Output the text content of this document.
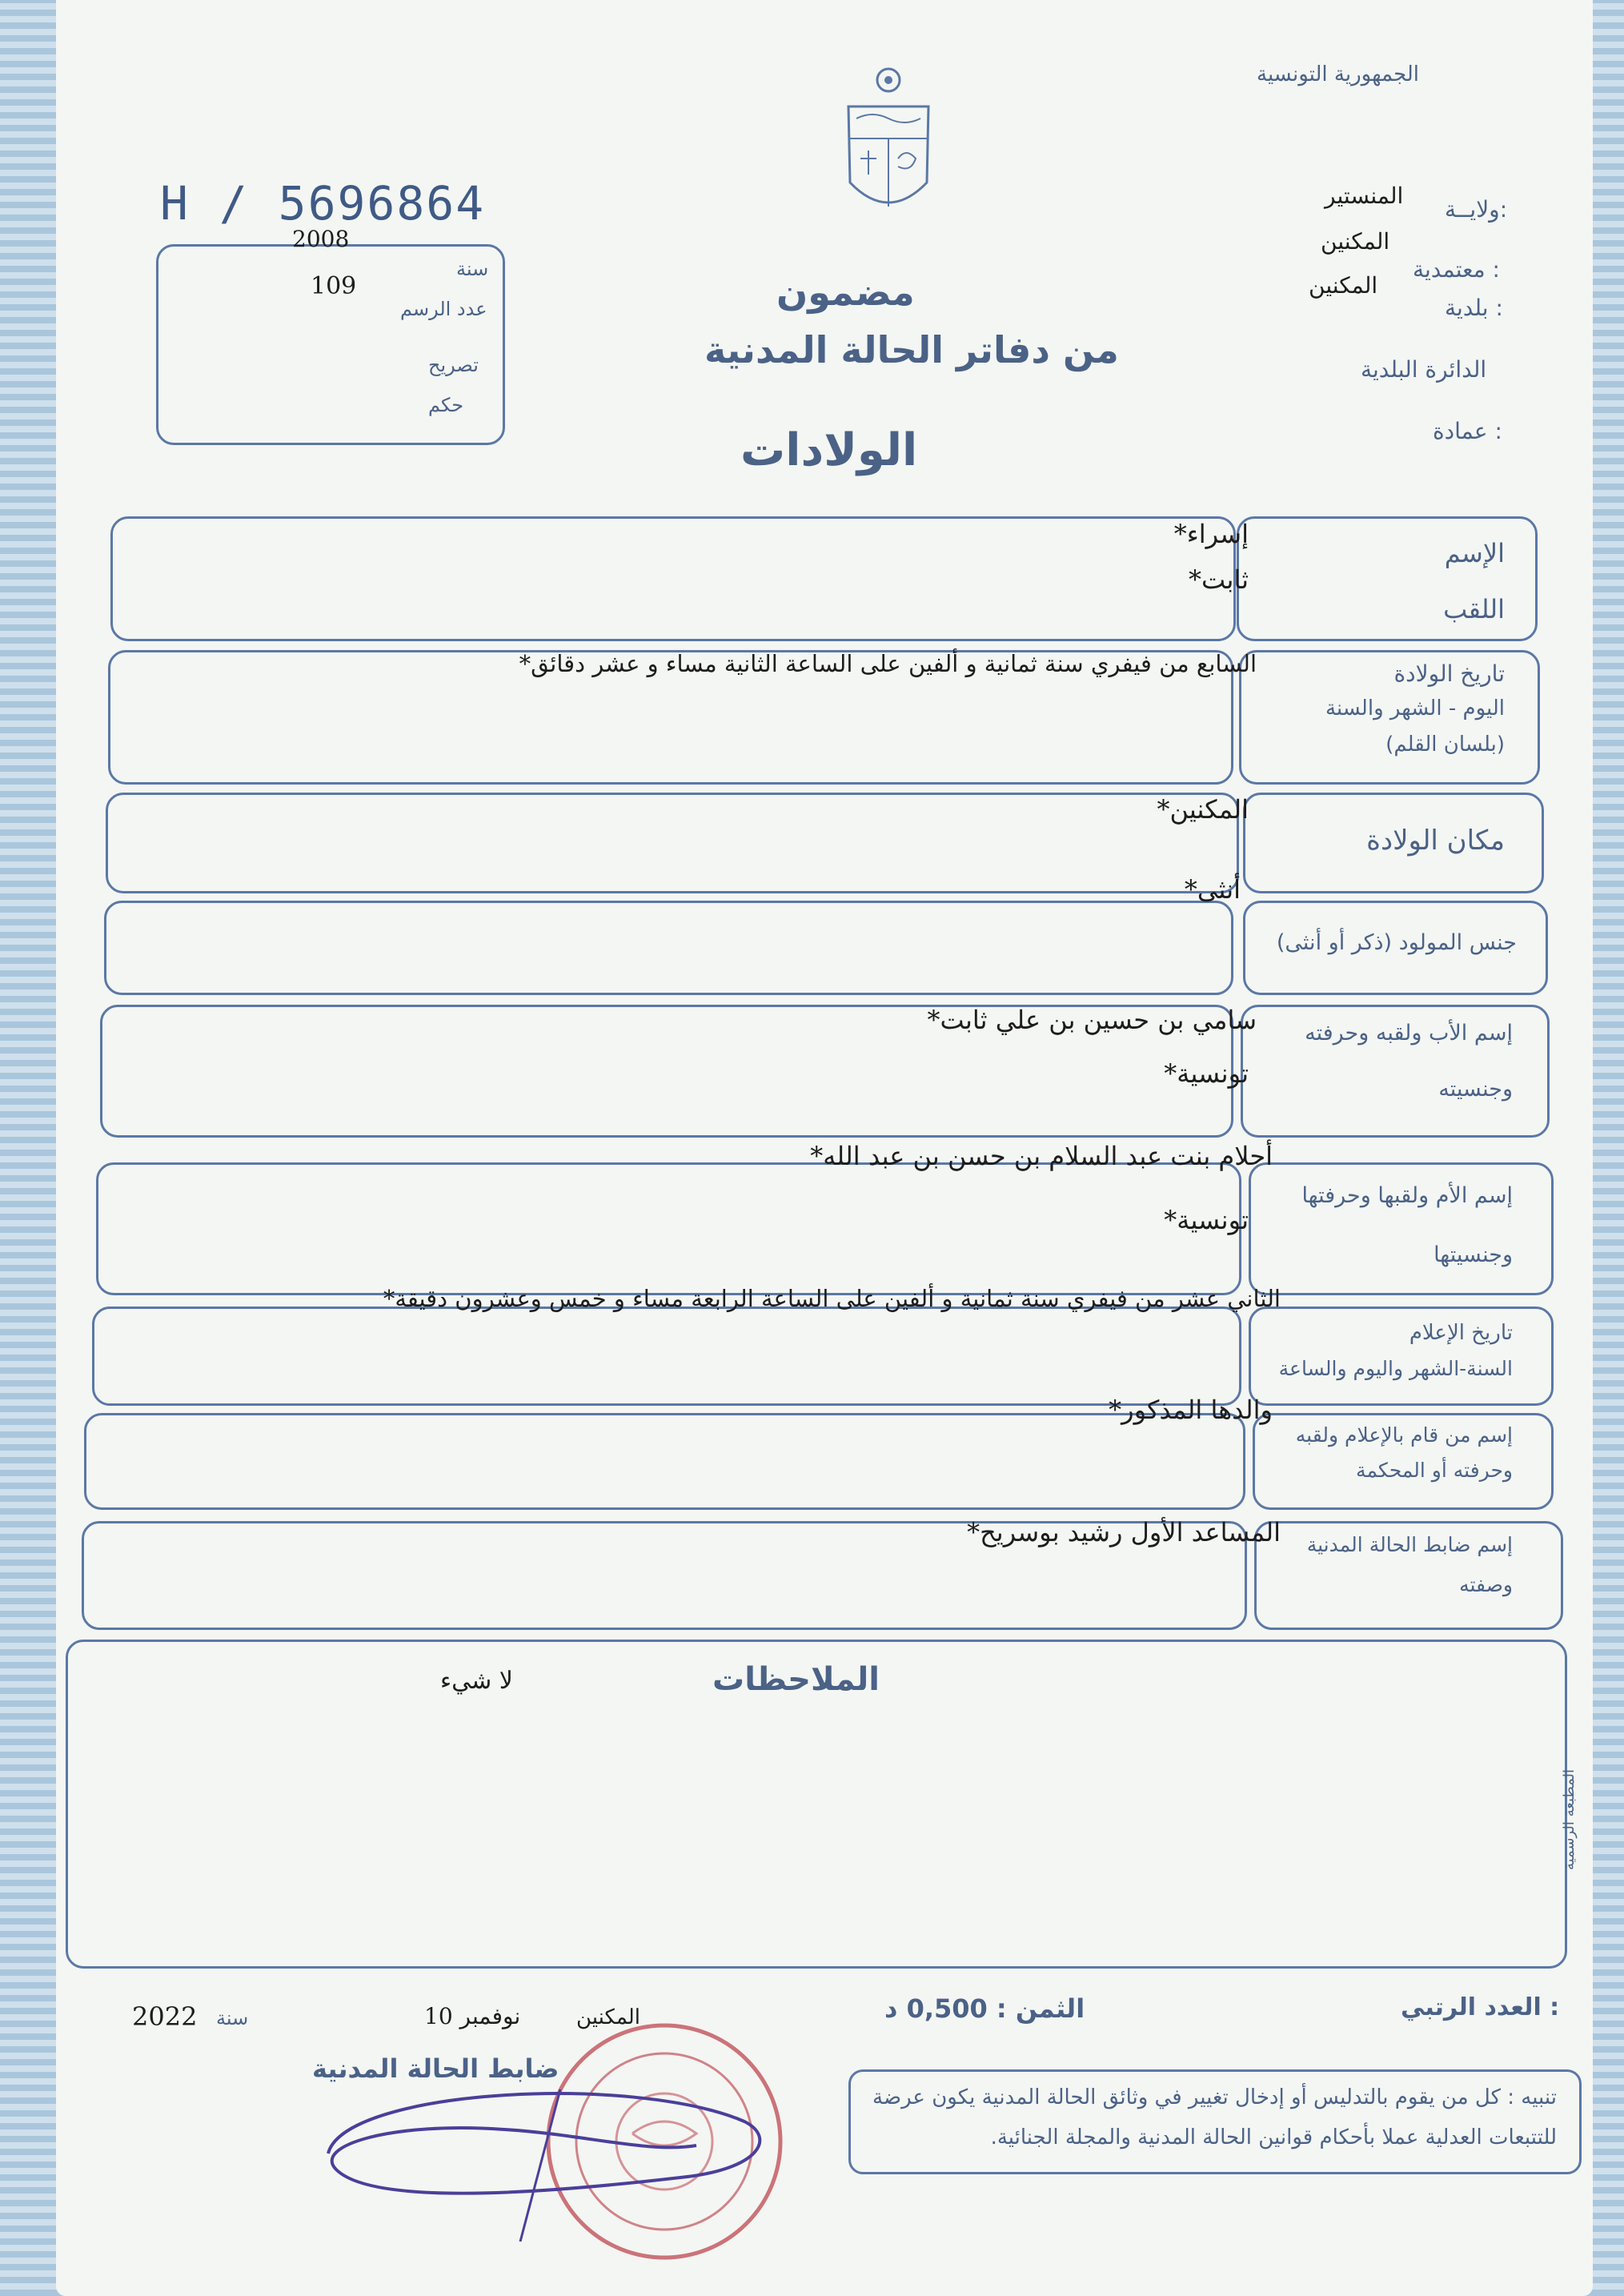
الجمهورية التونسية
H / 5696864
2008
سنة
109
عدد الرسم
تصريح
حكم
ولايــة:
المنستير
المكنين
معتمدية :
المكنين
بلدية :
الدائرة البلدية
عمادة :
مضمون
من دفاتر الحالة المدنية
الولادات
الإسم
اللقب
إسراء*
ثابت*
تاريخ الولادة
اليوم - الشهر والسنة
(بلسان القلم)
السابع من فيفري سنة ثمانية و ألفين على الساعة الثانية مساء و عشر دقائق*
مكان الولادة
المكنين*
جنس المولود (ذكر أو أنثى)
أنثى*
إسم الأب ولقبه وحرفته
وجنسيته
سامي بن حسين بن علي ثابت*
تونسية*
إسم الأم ولقبها وحرفتها
وجنسيتها
أحلام بنت عبد السلام بن حسن بن عبد الله*
تونسية*
تاريخ الإعلام
السنة-الشهر واليوم والساعة
الثاني عشر من فيفري سنة ثمانية و ألفين على الساعة الرابعة مساء و خمس وعشرون دقيقة*
إسم من قام بالإعلام ولقبه
وحرفته أو المحكمة
والدها المذكور*
إسم ضابط الحالة المدنية
وصفته
المساعد الأول رشيد بوسريح*
الملاحظات
لا شيء
المطبعة الرسمية
العدد الرتبي :
الثمن : 0,500 د
المكنين
10 نوفمبر
سنة
2022
ضابط الحالة المدنية
تنبيه : كل من يقوم بالتدليس أو إدخال تغيير في وثائق الحالة المدنية يكون عرضة
للتتبعات العدلية عملا بأحكام قوانين الحالة المدنية والمجلة الجنائية.
